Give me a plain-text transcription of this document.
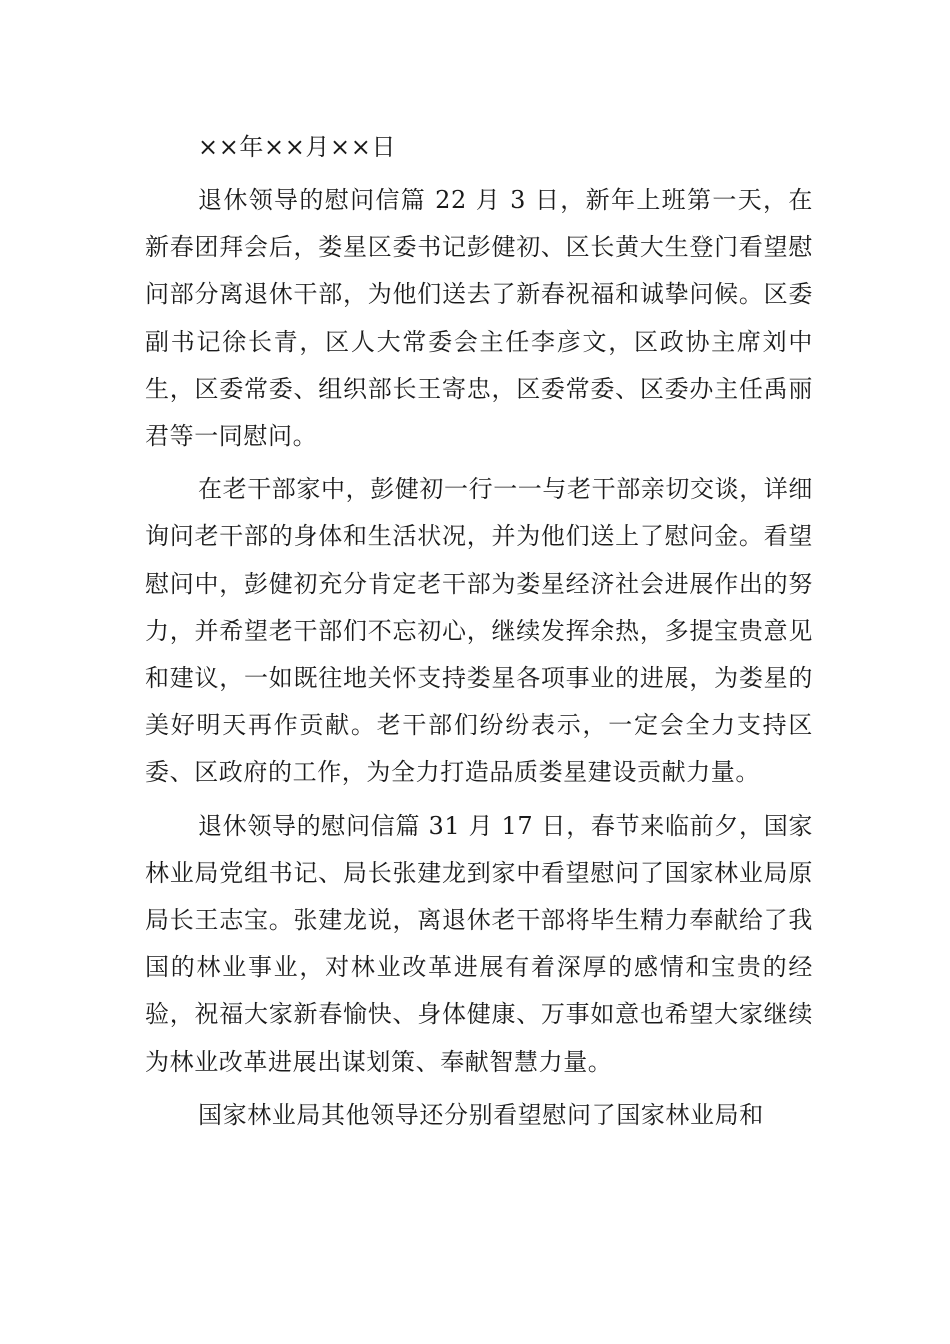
××年××月××日

退休领导的慰问信篇 22 月 3 日，新年上班第一天，在新春团拜会后，娄星区委书记彭健初、区长黄大生登门看望慰问部分离退休干部，为他们送去了新春祝福和诚挚问候。区委副书记徐长青，区人大常委会主任李彦文，区政协主席刘中生，区委常委、组织部长王寄忠，区委常委、区委办主任禹丽君等一同慰问。

在老干部家中，彭健初一行一一与老干部亲切交谈，详细询问老干部的身体和生活状况，并为他们送上了慰问金。看望慰问中，彭健初充分肯定老干部为娄星经济社会进展作出的努力，并希望老干部们不忘初心，继续发挥余热，多提宝贵意见和建议，一如既往地关怀支持娄星各项事业的进展，为娄星的美好明天再作贡献。老干部们纷纷表示，一定会全力支持区委、区政府的工作，为全力打造品质娄星建设贡献力量。

退休领导的慰问信篇 31 月 17 日，春节来临前夕，国家林业局党组书记、局长张建龙到家中看望慰问了国家林业局原局长王志宝。张建龙说，离退休老干部将毕生精力奉献给了我国的林业事业，对林业改革进展有着深厚的感情和宝贵的经验，祝福大家新春愉快、身体健康、万事如意也希望大家继续为林业改革进展出谋划策、奉献智慧力量。

国家林业局其他领导还分别看望慰问了国家林业局和
